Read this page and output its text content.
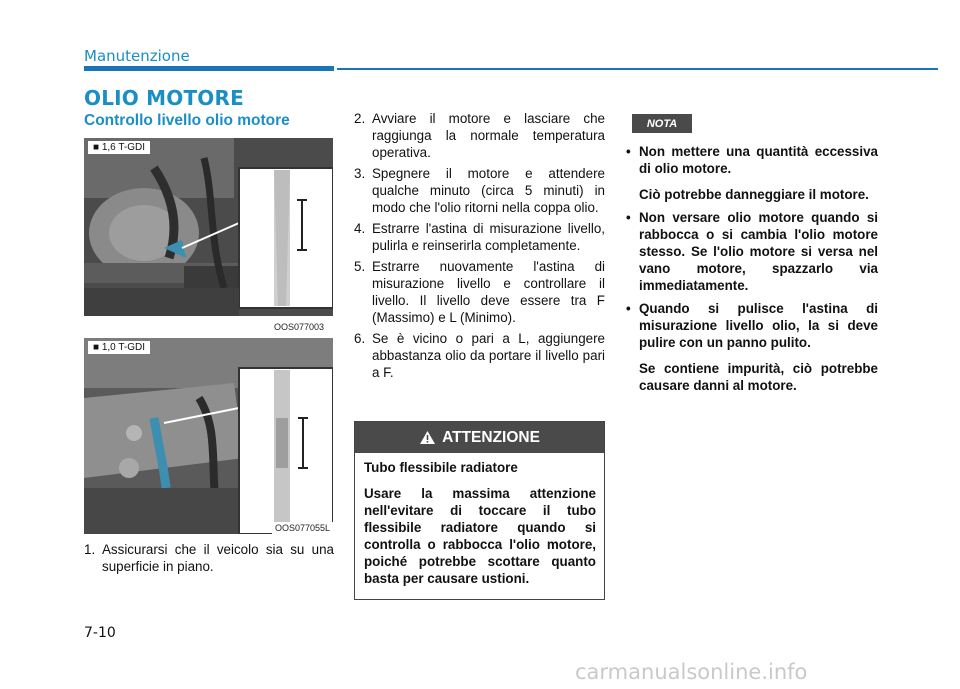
Manutenzione
OLIO MOTORE
Controllo livello olio motore
■ 1,6 T-GDI
OOS077003
■ 1,0 T-GDI
OOS077055L
1. Assicurarsi che il veicolo sia su una superficie in piano.
2. Avviare il motore e lasciare che raggiunga la normale temperatura operativa.
3. Spegnere il motore e attendere qualche minuto (circa 5 minuti) in modo che l'olio ritorni nella coppa olio.
4. Estrarre l'astina di misurazione livello, pulirla e reinserirla completamente.
5. Estrarre nuovamente l'astina di misurazione livello e controllare il livello. Il livello deve essere tra F (Massimo) e L (Minimo).
6. Se è vicino o pari a L, aggiungere abbastanza olio da portare il livello pari a F.
ATTENZIONE

Tubo flessibile radiatore

Usare la massima attenzione nell'evitare di toccare il tubo flessibile radiatore quando si controlla o rabbocca l'olio motore, poiché potrebbe scottare quanto basta per causare ustioni.

NOTA

• Non mettere una quantità eccessiva di olio motore.

Ciò potrebbe danneggiare il motore.

• Non versare olio motore quando si rabbocca o si cambia l'olio motore stesso. Se l'olio motore si versa nel vano motore, spazzarlo via immediatamente.

• Quando si pulisce l'astina di misurazione livello olio, la si deve pulire con un panno pulito.

Se contiene impurità, ciò potrebbe causare danni al motore.

7-10
carmanualsonline.info
